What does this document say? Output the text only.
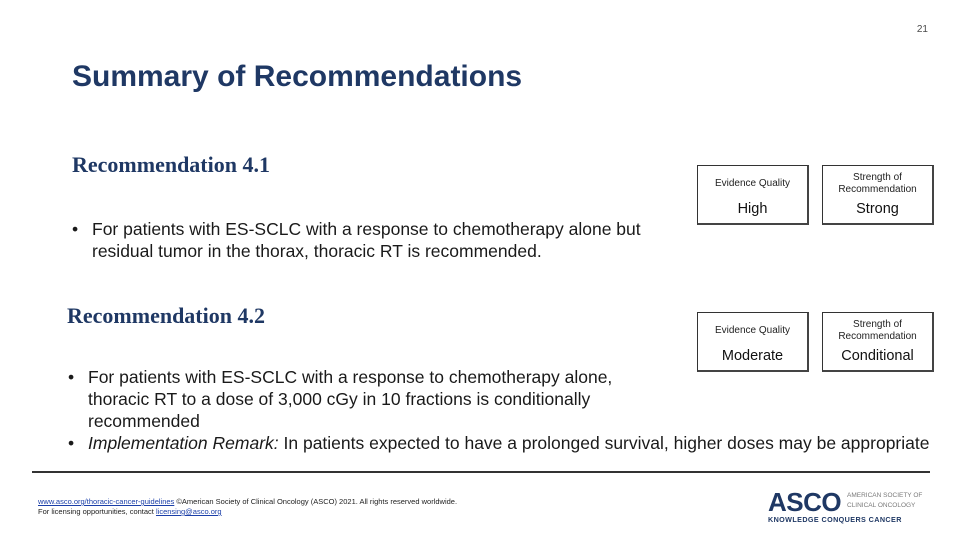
21
Summary of Recommendations
Recommendation 4.1
• For patients with ES-SCLC with a response to chemotherapy alone but residual tumor in the thorax, thoracic RT is recommended.
Evidence Quality
High
Strength of Recommendation
Strong
Recommendation 4.2
Evidence Quality
Moderate
Strength of Recommendation
Conditional
• For patients with ES-SCLC with a response to chemotherapy alone, thoracic RT to a dose of 3,000 cGy in 10 fractions is conditionally recommended
• Implementation Remark: In patients expected to have a prolonged survival, higher doses may be appropriate
www.asco.org/thoracic-cancer-guidelines ©American Society of Clinical Oncology (ASCO) 2021. All rights reserved worldwide.
For licensing opportunities, contact licensing@asco.org	ASCO AMERICAN SOCIETY OF
CLINICAL ONCOLOGY
KNOWLEDGE CONQUERS CANCER
